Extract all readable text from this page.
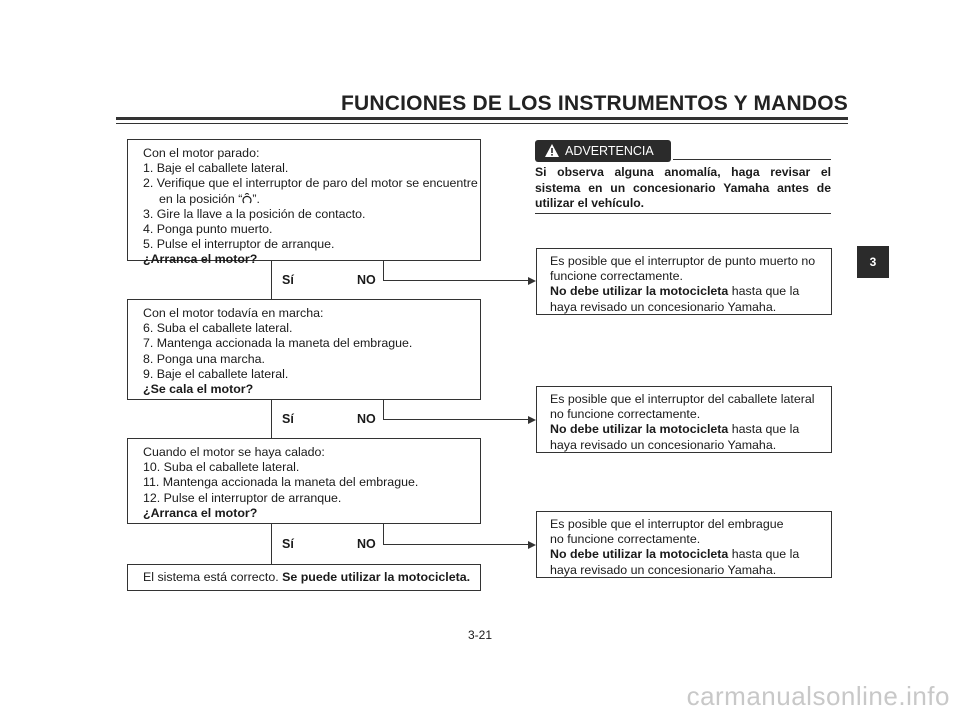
FUNCIONES DE LOS INSTRUMENTOS Y MANDOS
Con el motor parado:
1. Baje el caballete lateral.
2. Verifique que el interruptor de paro del motor se encuentre
en la posición “ ”.
3. Gire la llave a la posición de contacto.
4. Ponga punto muerto.
5. Pulse el interruptor de arranque.
¿Arranca el motor?
Sí	NO
Es posible que el interruptor de punto muerto no
funcione correctamente.
No debe utilizar la motocicleta hasta que la
haya revisado un concesionario Yamaha.
Con el motor todavía en marcha:
6. Suba el caballete lateral.
7. Mantenga accionada la maneta del embrague.
8. Ponga una marcha.
9. Baje el caballete lateral.
¿Se cala el motor?
Sí	NO
Es posible que el interruptor del caballete lateral
no funcione correctamente.
No debe utilizar la motocicleta hasta que la
haya revisado un concesionario Yamaha.
Cuando el motor se haya calado:
10. Suba el caballete lateral.
11. Mantenga accionada la maneta del embrague.
12. Pulse el interruptor de arranque.
¿Arranca el motor?
Sí	NO
Es posible que el interruptor del embrague
no funcione correctamente.
No debe utilizar la motocicleta hasta que la
haya revisado un concesionario Yamaha.
El sistema está correcto. Se puede utilizar la motocicleta.
ADVERTENCIA
Si observa alguna anomalía, haga revisar el sistema en un concesionario Yamaha antes de utilizar el vehículo.
3
3-21
carmanualsonline.info
